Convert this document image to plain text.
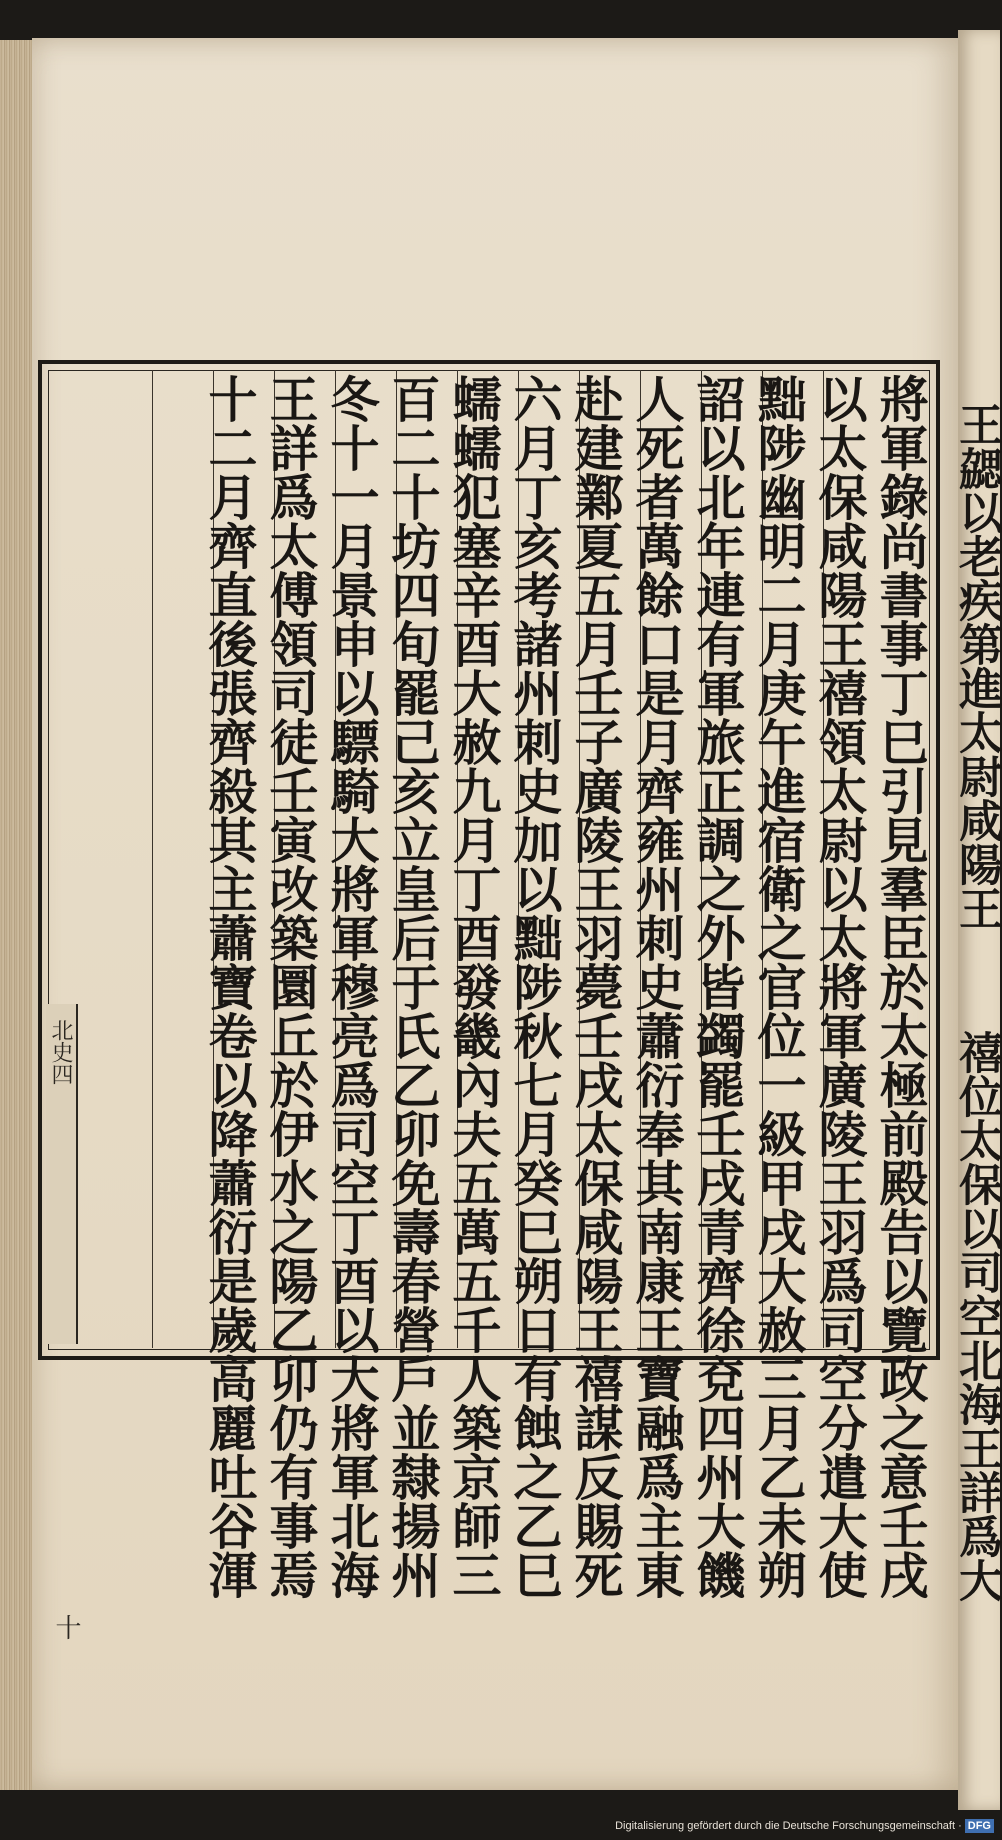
王勰以老疾第進太尉咸陽王
北史四
十
將軍錄尚書事丁巳引見羣臣於太極前殿告以覽政之意壬戌
以太保咸陽王禧領太尉以太將軍廣陵王羽爲司空分遣大使
黜陟幽明二月庚午進宿衛之官位一級甲戌大赦三月乙未朔
詔以北年連有軍旅正調之外皆蠲罷壬戌青齊徐兗四州大饑
人死者萬餘口是月齊雍州刺史蕭衍奉其南康王寶融爲主東
赴建鄴夏五月壬子廣陵王羽薨壬戌太保咸陽王禧謀反賜死
六月丁亥考諸州刺史加以黜陟秋七月癸巳朔日有蝕之乙巳
蠕蠕犯塞辛酉大赦九月丁酉發畿內夫五萬五千人築京師三
百二十坊四旬罷己亥立皇后于氏乙卯免壽春營戶並隸揚州
冬十一月景申以驃騎大將軍穆亮爲司空丁酉以大將軍北海
王詳爲太傅領司徒壬寅改築圜丘於伊水之陽乙卯仍有事焉
十二月齊直後張齊殺其主蕭寶卷以降蕭衍是歲高麗吐谷渾	禧位太保以司空北海王詳爲大
Digitalisierung gefördert durch die Deutsche Forschungsgemeinschaft · DFG
